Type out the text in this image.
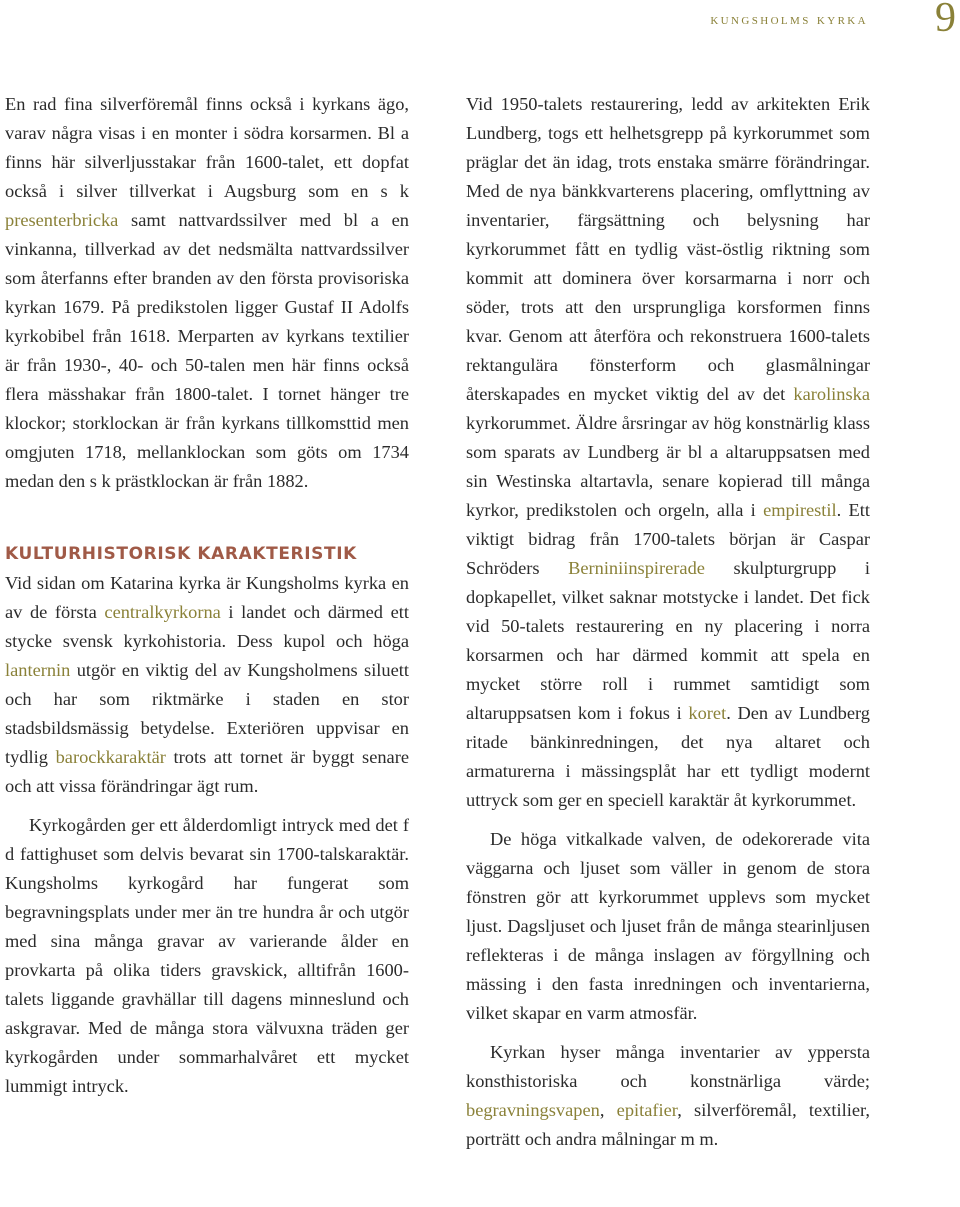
kungsholms kyrka 9

En rad fina silverföremål finns också i kyrkans ägo, varav några visas i en monter i södra korsarmen. Bl a finns här silverljusstakar från 1600-talet, ett dopfat också i silver tillverkat i Augsburg som en s k presenterbricka samt nattvardssilver med bl a en vinkanna, tillverkad av det nedsmälta nattvardssilver som återfanns efter branden av den första provisoriska kyrkan 1679. På predikstolen ligger Gustaf II Adolfs kyrkobibel från 1618. Merparten av kyrkans textilier är från 1930-, 40- och 50-talen men här finns också flera mässhakar från 1800-talet. I tornet hänger tre klockor; storklockan är från kyrkans tillkomsttid men omgjuten 1718, mellanklockan som göts om 1734 medan den s k prästklockan är från 1882.

KULTURHISTORISK KARAKTERISTIK

Vid sidan om Katarina kyrka är Kungsholms kyrka en av de första centralkyrkorna i landet och därmed ett stycke svensk kyrkohistoria. Dess kupol och höga lanternin utgör en viktig del av Kungsholmens siluett och har som riktmärke i staden en stor stadsbildsmässig betydelse. Exteriören uppvisar en tydlig barockkaraktär trots att tornet är byggt senare och att vissa förändringar ägt rum.

Kyrkogården ger ett ålderdomligt intryck med det f d fattighuset som delvis bevarat sin 1700-talskaraktär. Kungsholms kyrkogård har fungerat som begravningsplats under mer än tre hundra år och utgör med sina många gravar av varierande ålder en provkarta på olika tiders gravskick, alltifrån 1600-talets liggande gravhällar till dagens minneslund och askgravar. Med de många stora välvuxna träden ger kyrkogården under sommarhalvåret ett mycket lummigt intryck.

Vid 1950-talets restaurering, ledd av arkitekten Erik Lundberg, togs ett helhetsgrepp på kyrkorummet som präglar det än idag, trots enstaka smärre förändringar. Med de nya bänkkvarterens placering, omflyttning av inventarier, färgsättning och belysning har kyrkorummet fått en tydlig väst-östlig riktning som kommit att dominera över korsarmarna i norr och söder, trots att den ursprungliga korsformen finns kvar. Genom att återföra och rekonstruera 1600-talets rektangulära fönsterform och glasmålningar återskapades en mycket viktig del av det karolinska kyrkorummet. Äldre årsringar av hög konstnärlig klass som sparats av Lundberg är bl a altaruppsatsen med sin Westinska altartavla, senare kopierad till många kyrkor, predikstolen och orgeln, alla i empirestil. Ett viktigt bidrag från 1700-talets början är Caspar Schröders Berniniinspirerade skulpturgrupp i dopkapellet, vilket saknar motstycke i landet. Det fick vid 50-talets restaurering en ny placering i norra korsarmen och har därmed kommit att spela en mycket större roll i rummet samtidigt som altaruppsatsen kom i fokus i koret. Den av Lundberg ritade bänkinredningen, det nya altaret och armaturerna i mässingsplåt har ett tydligt modernt uttryck som ger en speciell karaktär åt kyrkorummet.

De höga vitkalkade valven, de odekorerade vita väggarna och ljuset som väller in genom de stora fönstren gör att kyrkorummet upplevs som mycket ljust. Dagsljuset och ljuset från de många stearinljusen reflekteras i de många inslagen av förgyllning och mässing i den fasta inredningen och inventarierna, vilket skapar en varm atmosfär.

Kyrkan hyser många inventarier av yppersta konsthistoriska och konstnärliga värde; begravningsvapen, epitafier, silverföremål, textilier, porträtt och andra målningar m m.
